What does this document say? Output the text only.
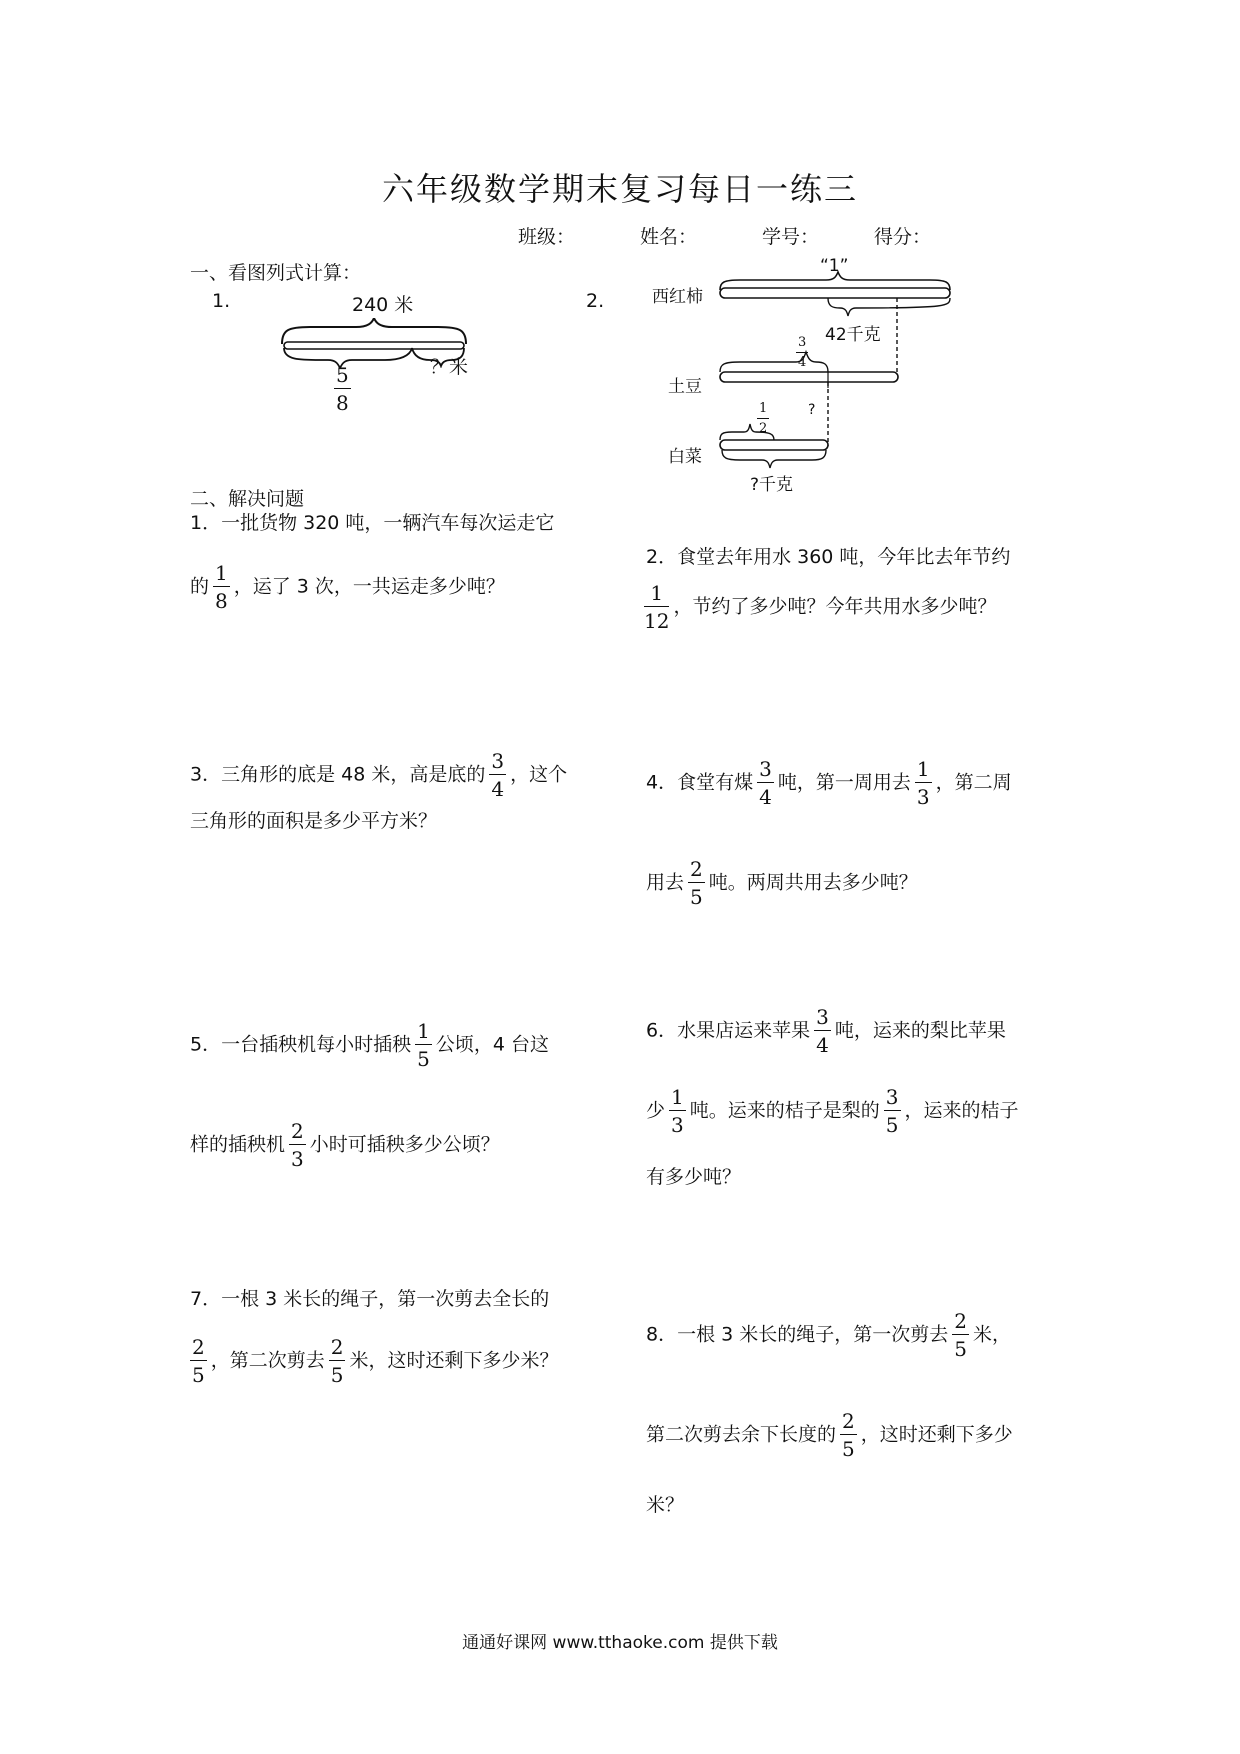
六年级数学期末复习每日一练三
班级：	姓名：	学号：	得分：
一、看图列式计算：
1.	240 米
？米
$\frac{5}{8}$
2.
“1”
西红柿
42千克
土豆
白菜
?千克
?
$\frac{3}{4}$
$\frac{1}{2}$
二、解决问题
1．一批货物 320 吨，一辆汽车每次运走它
的 $\frac{1}{8}$ ，运了 3 次，一共运走多少吨？
2．食堂去年用水 360 吨，今年比去年节约
$\frac{1}{12}$ ，节约了多少吨？今年共用水多少吨？
3．三角形的底是 48 米，高是底的 $\frac{3}{4}$ ，这个
三角形的面积是多少平方米？
4．食堂有煤 $\frac{3}{4}$ 吨，第一周用去 $\frac{1}{3}$ ，第二周
用去 $\frac{2}{5}$ 吨。两周共用去多少吨？
5．一台插秧机每小时插秧 $\frac{1}{5}$ 公顷，4 台这
样的插秧机 $\frac{2}{3}$ 小时可插秧多少公顷？
6．水果店运来苹果 $\frac{3}{4}$ 吨，运来的梨比苹果
少 $\frac{1}{3}$ 吨。运来的桔子是梨的 $\frac{3}{5}$ ，运来的桔子
有多少吨？
7．一根 3 米长的绳子，第一次剪去全长的
$\frac{2}{5}$ ，第二次剪去 $\frac{2}{5}$ 米，这时还剩下多少米？
8．一根 3 米长的绳子，第一次剪去 $\frac{2}{5}$ 米，
第二次剪去余下长度的 $\frac{2}{5}$ ，这时还剩下多少
米？
通通好课网 www.tthaoke.com 提供下载
